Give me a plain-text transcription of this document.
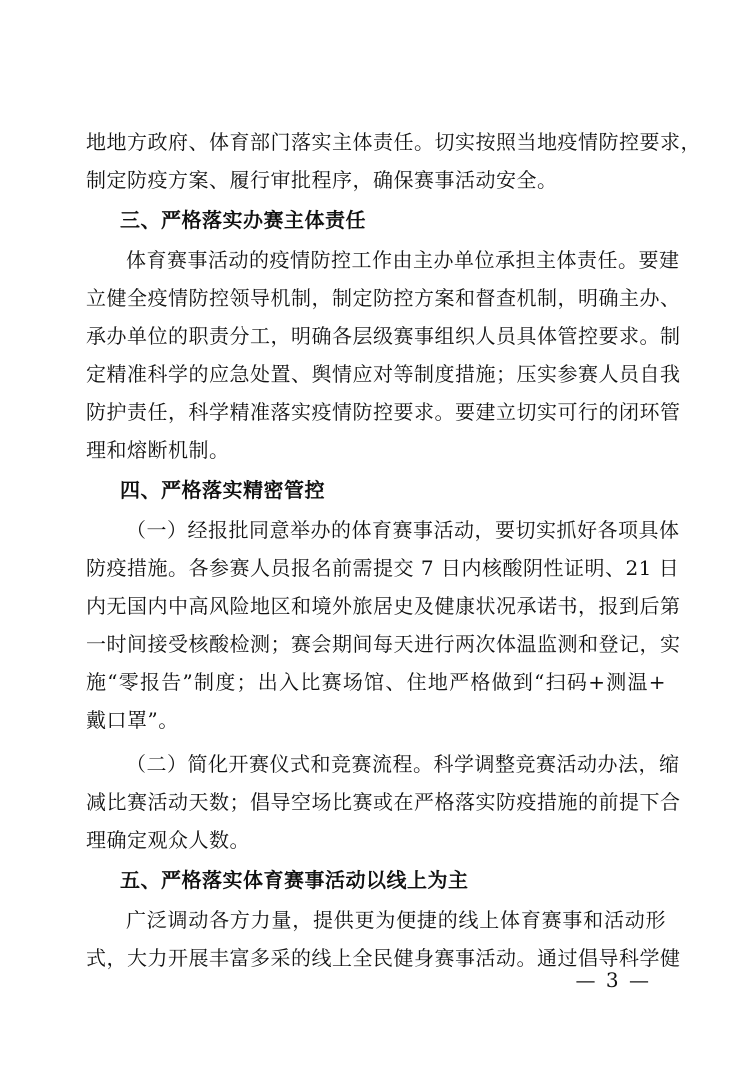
地地方政府、体育部门落实主体责任。切实按照当地疫情防控要求，
制定防疫方案、履行审批程序，确保赛事活动安全。
三、严格落实办赛主体责任
体育赛事活动的疫情防控工作由主办单位承担主体责任。要建
立健全疫情防控领导机制，制定防控方案和督查机制，明确主办、
承办单位的职责分工，明确各层级赛事组织人员具体管控要求。制
定精准科学的应急处置、舆情应对等制度措施；压实参赛人员自我
防护责任，科学精准落实疫情防控要求。要建立切实可行的闭环管
理和熔断机制。
四、严格落实精密管控
（一）经报批同意举办的体育赛事活动，要切实抓好各项具体
防疫措施。各参赛人员报名前需提交 7 日内核酸阴性证明、21 日
内无国内中高风险地区和境外旅居史及健康状况承诺书，报到后第
一时间接受核酸检测；赛会期间每天进行两次体温监测和登记，实
施“零报告”制度；出入比赛场馆、住地严格做到“扫码+测温+
戴口罩”。
（二）简化开赛仪式和竞赛流程。科学调整竞赛活动办法，缩
减比赛活动天数；倡导空场比赛或在严格落实防疫措施的前提下合
理确定观众人数。
五、严格落实体育赛事活动以线上为主
广泛调动各方力量，提供更为便捷的线上体育赛事和活动形
式，大力开展丰富多采的线上全民健身赛事活动。通过倡导科学健
— 3 —
